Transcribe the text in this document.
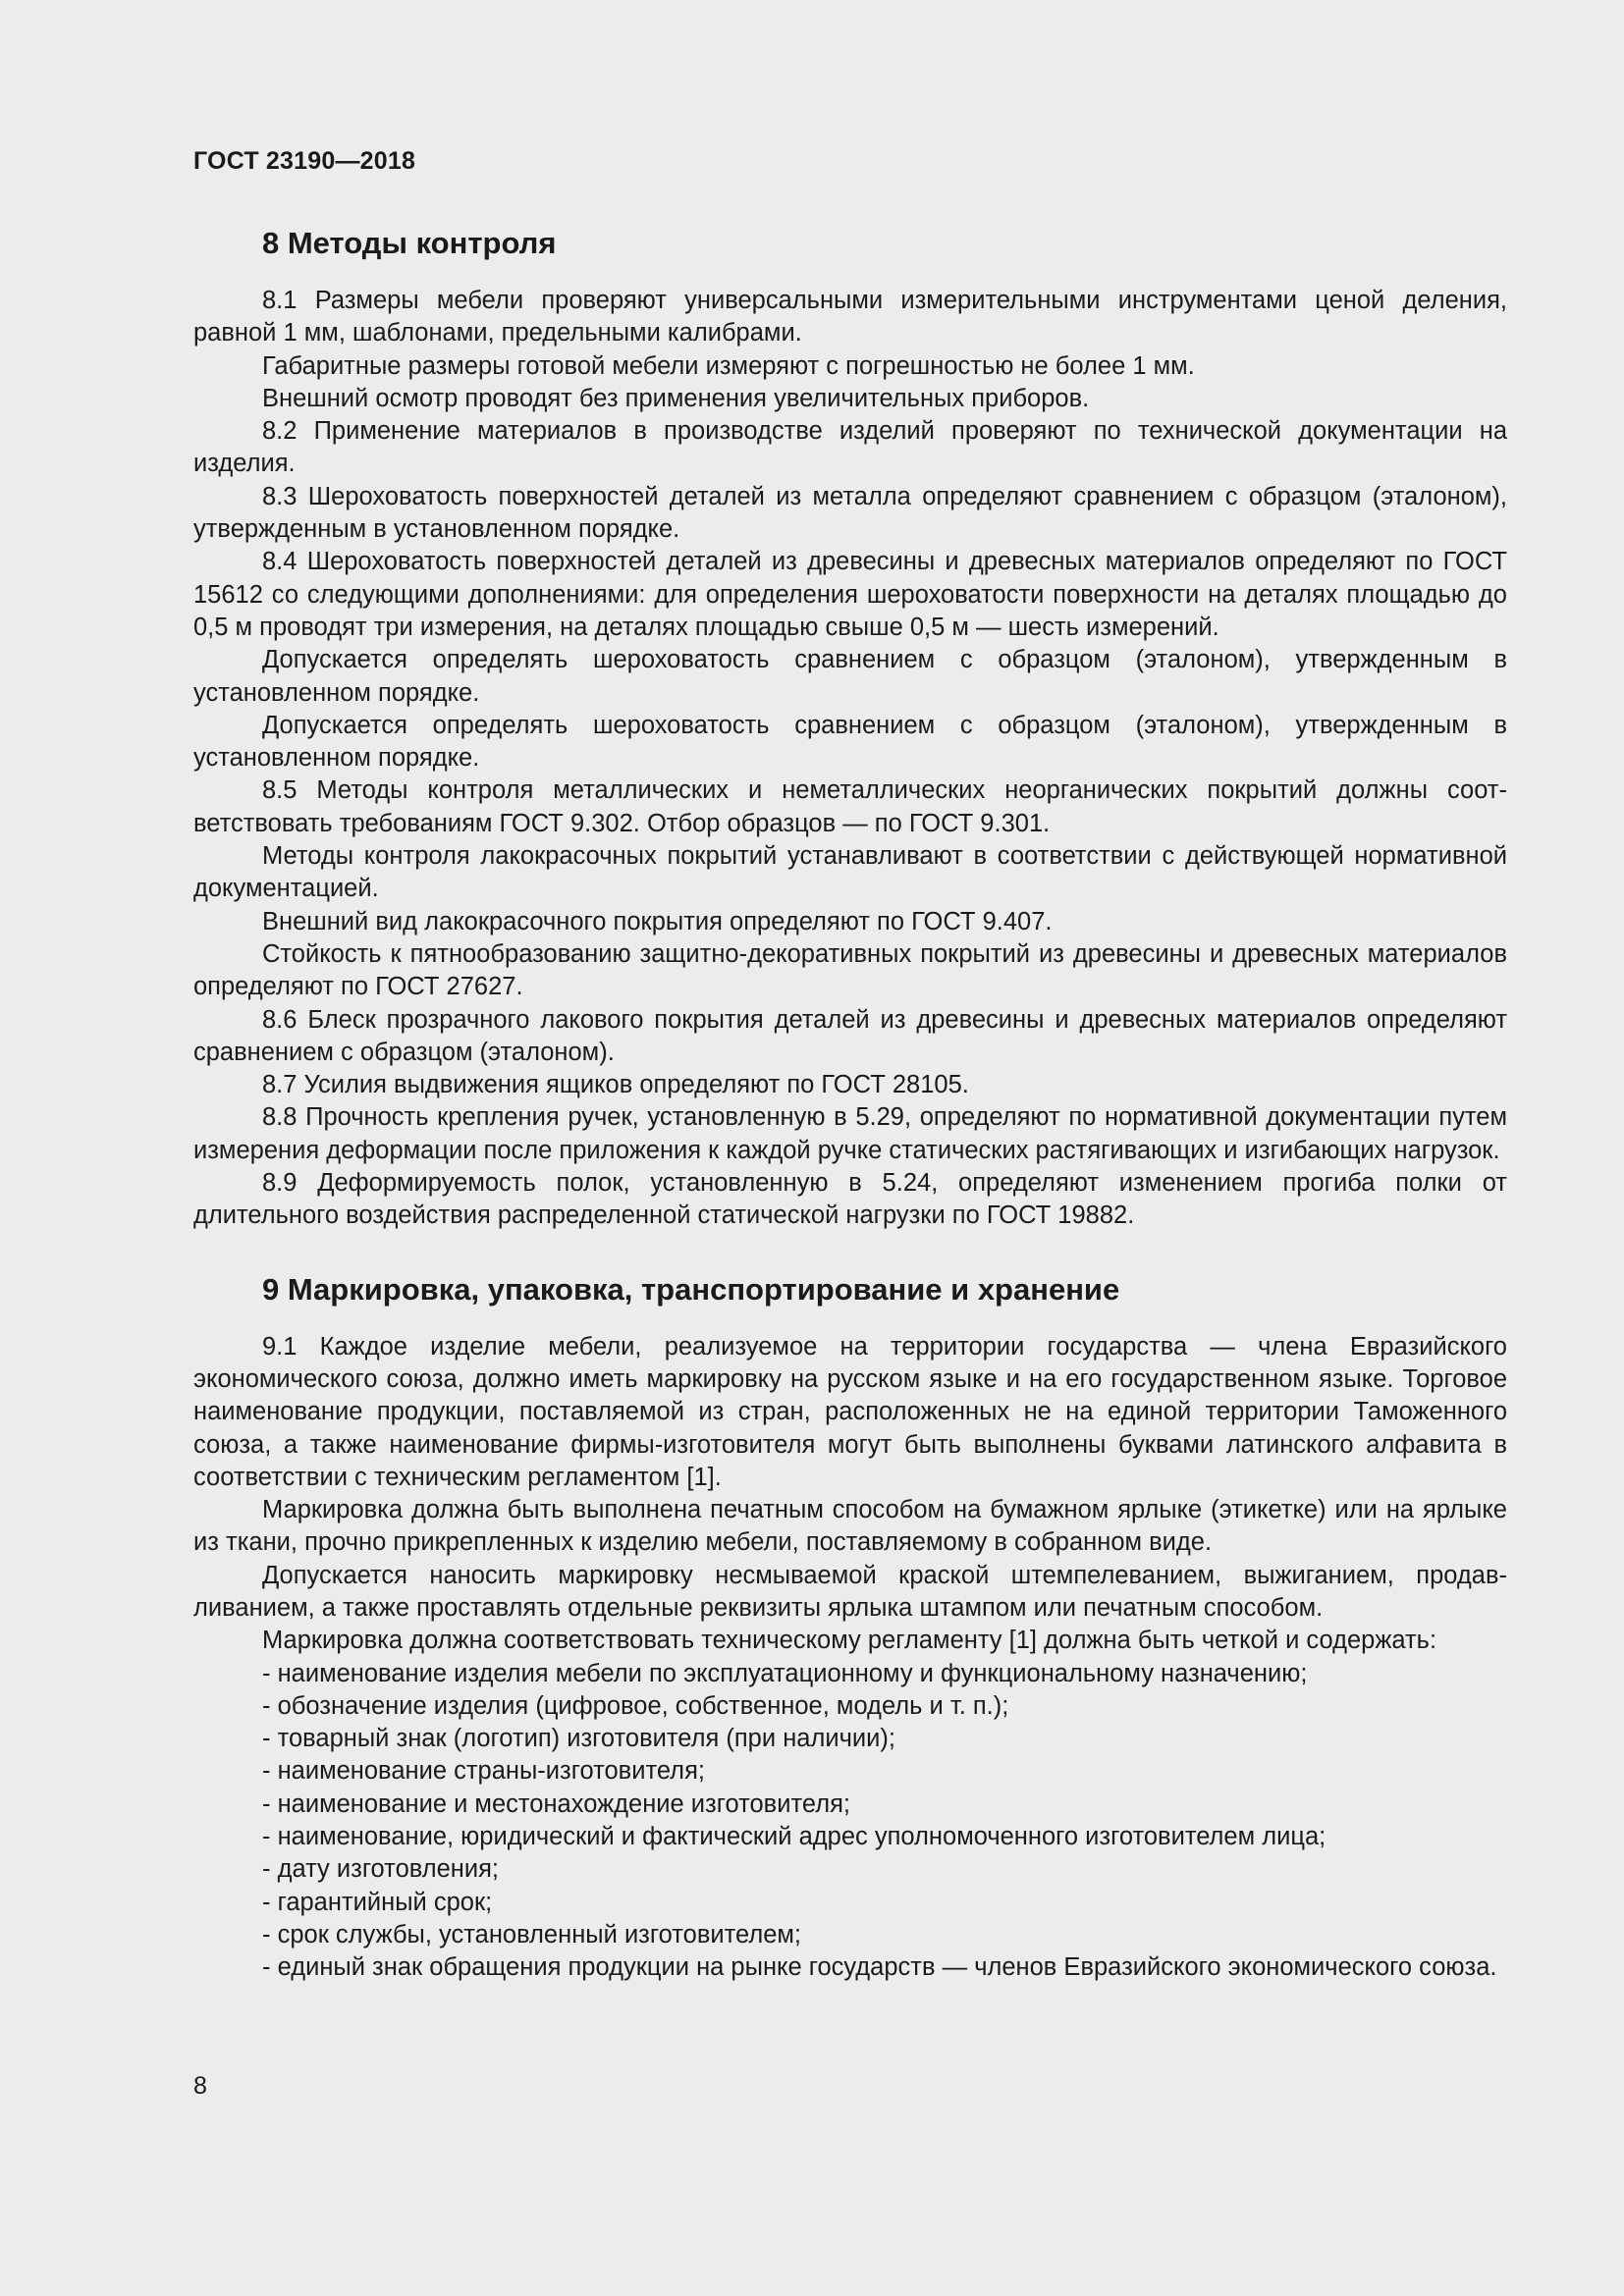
ГОСТ 23190—2018
8 Методы контроля

8.1 Размеры мебели проверяют универсальными измерительными инструментами ценой деления, равной 1 мм, шаблонами, предельными калибрами.

Габаритные размеры готовой мебели измеряют с погрешностью не более 1 мм.

Внешний осмотр проводят без применения увеличительных приборов.

8.2 Применение материалов в производстве изделий проверяют по технической документации на изделия.

8.3 Шероховатость поверхностей деталей из металла определяют сравнением с образцом (эталоном), утвержденным в установленном порядке.

8.4 Шероховатость поверхностей деталей из древесины и древесных материалов определяют по ГОСТ 15612 со следующими дополнениями: для определения шероховатости поверхности на деталях площадью до 0,5 м проводят три измерения, на деталях площадью свыше 0,5 м — шесть измерений.

Допускается определять шероховатость сравнением с образцом (эталоном), утвержденным в установленном порядке.

Допускается определять шероховатость сравнением с образцом (эталоном), утвержденным в установленном порядке.

8.5 Методы контроля металлических и неметаллических неорганических покрытий должны соответствовать требованиям ГОСТ 9.302. Отбор образцов — по ГОСТ 9.301.

Методы контроля лакокрасочных покрытий устанавливают в соответствии с действующей нормативной документацией.

Внешний вид лакокрасочного покрытия определяют по ГОСТ 9.407.

Стойкость к пятнообразованию защитно-декоративных покрытий из древесины и древесных материалов определяют по ГОСТ 27627.

8.6 Блеск прозрачного лакового покрытия деталей из древесины и древесных материалов определяют сравнением с образцом (эталоном).

8.7 Усилия выдвижения ящиков определяют по ГОСТ 28105.

8.8 Прочность крепления ручек, установленную в 5.29, определяют по нормативной документации путем измерения деформации после приложения к каждой ручке статических растягивающих и изгибающих нагрузок.

8.9 Деформируемость полок, установленную в 5.24, определяют изменением прогиба полки от длительного воздействия распределенной статической нагрузки по ГОСТ 19882.

9 Маркировка, упаковка, транспортирование и хранение

9.1 Каждое изделие мебели, реализуемое на территории государства — члена Евразийского экономического союза, должно иметь маркировку на русском языке и на его государственном языке. Торговое наименование продукции, поставляемой из стран, расположенных не на единой территории Таможенного союза, а также наименование фирмы-изготовителя могут быть выполнены буквами латинского алфавита в соответствии с техническим регламентом [1].

Маркировка должна быть выполнена печатным способом на бумажном ярлыке (этикетке) или на ярлыке из ткани, прочно прикрепленных к изделию мебели, поставляемому в собранном виде.

Допускается наносить маркировку несмываемой краской штемпелеванием, выжиганием, продавливанием, а также проставлять отдельные реквизиты ярлыка штампом или печатным способом.

Маркировка должна соответствовать техническому регламенту [1] должна быть четкой и содержать:

- наименование изделия мебели по эксплуатационному и функциональному назначению;
- обозначение изделия (цифровое, собственное, модель и т. п.);
- товарный знак (логотип) изготовителя (при наличии);
- наименование страны-изготовителя;
- наименование и местонахождение изготовителя;
- наименование, юридический и фактический адрес уполномоченного изготовителем лица;
- дату изготовления;
- гарантийный срок;
- срок службы, установленный изготовителем;
- единый знак обращения продукции на рынке государств — членов Евразийского экономического союза.
8
